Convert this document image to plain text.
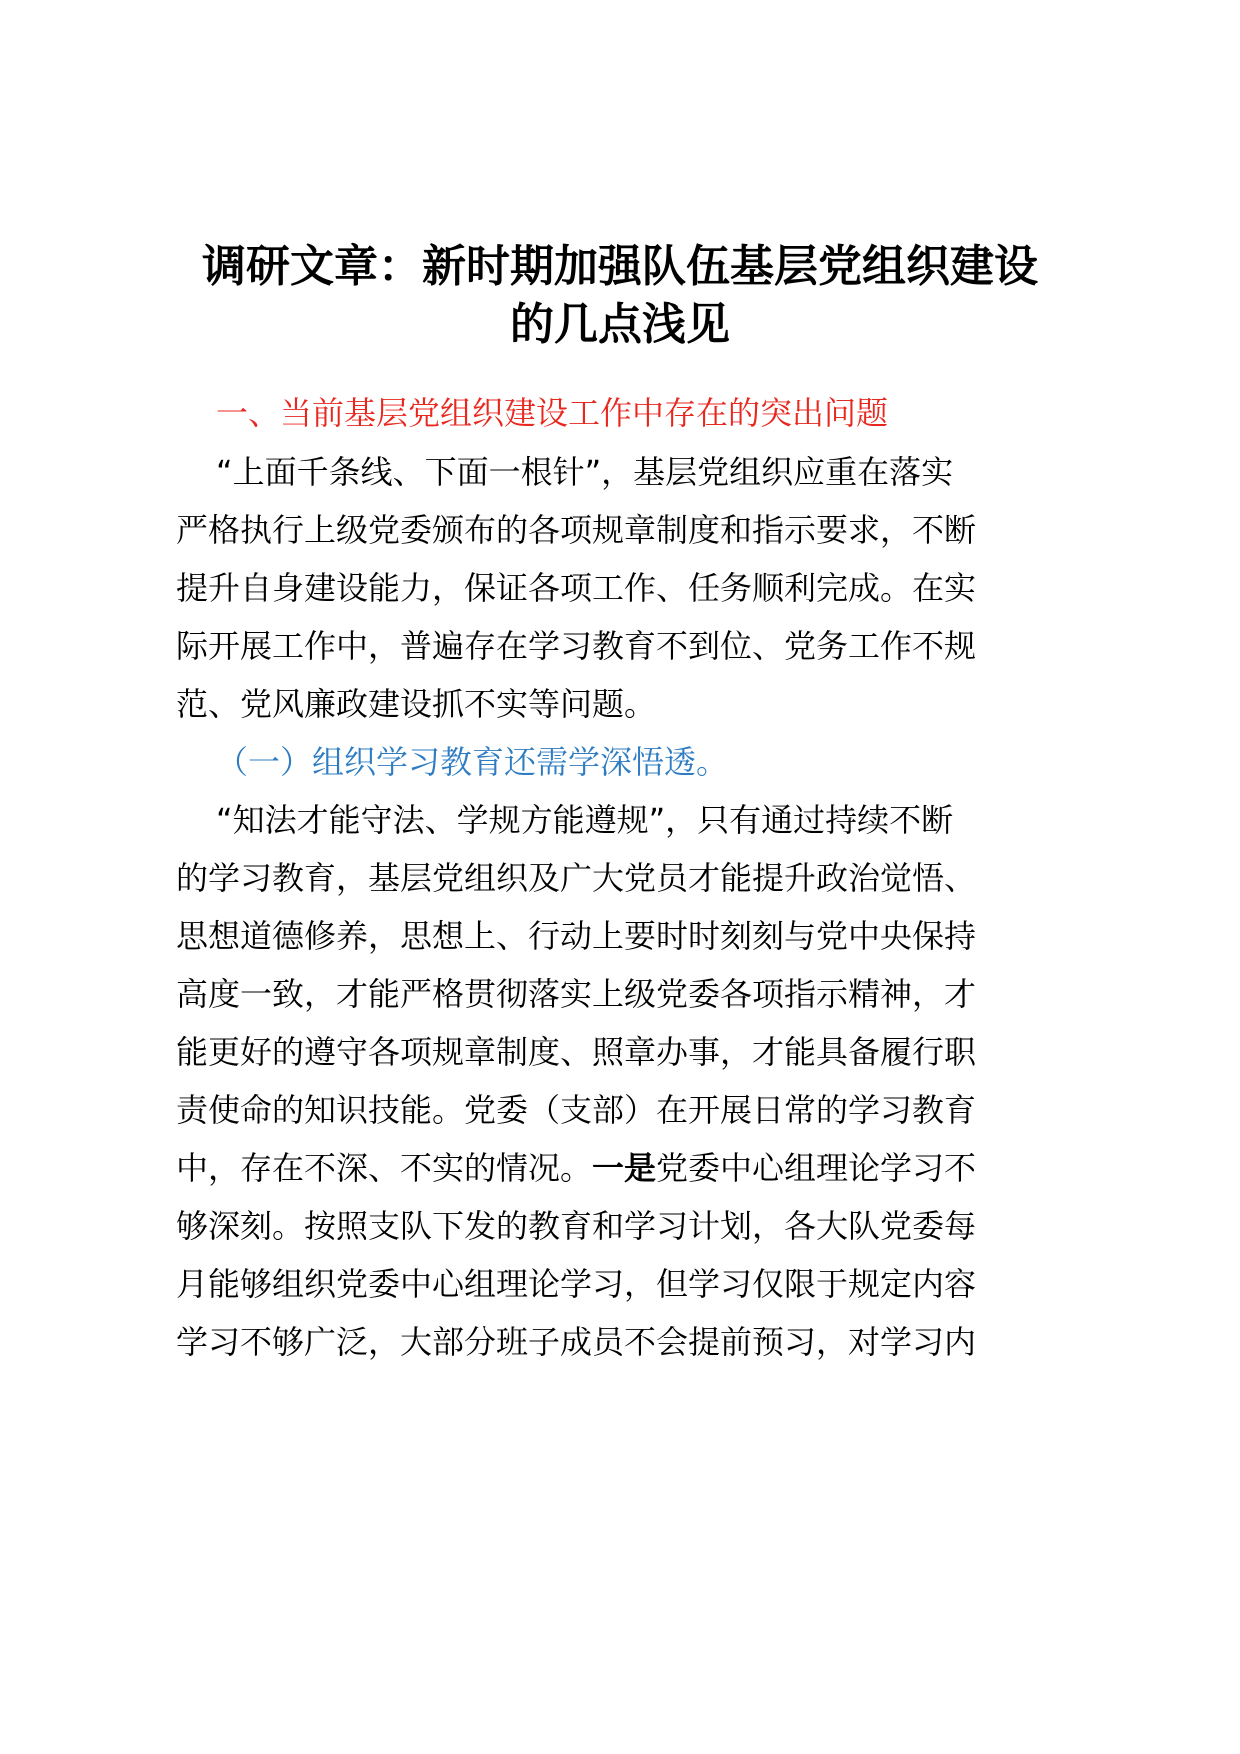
调研文章：新时期加强队伍基层党组织建设
的几点浅见
一、当前基层党组织建设工作中存在的突出问题
“上面千条线、下面一根针”，基层党组织应重在落实
严格执行上级党委颁布的各项规章制度和指示要求，不断
提升自身建设能力，保证各项工作、任务顺利完成。在实
际开展工作中，普遍存在学习教育不到位、党务工作不规
范、党风廉政建设抓不实等问题。
（一）组织学习教育还需学深悟透。
“知法才能守法、学规方能遵规”，只有通过持续不断
的学习教育，基层党组织及广大党员才能提升政治觉悟、
思想道德修养，思想上、行动上要时时刻刻与党中央保持
高度一致，才能严格贯彻落实上级党委各项指示精神，才
能更好的遵守各项规章制度、照章办事，才能具备履行职
责使命的知识技能。党委（支部）在开展日常的学习教育
中，存在不深、不实的情况。一是党委中心组理论学习不
够深刻。按照支队下发的教育和学习计划，各大队党委每
月能够组织党委中心组理论学习，但学习仅限于规定内容
学习不够广泛，大部分班子成员不会提前预习，对学习内
